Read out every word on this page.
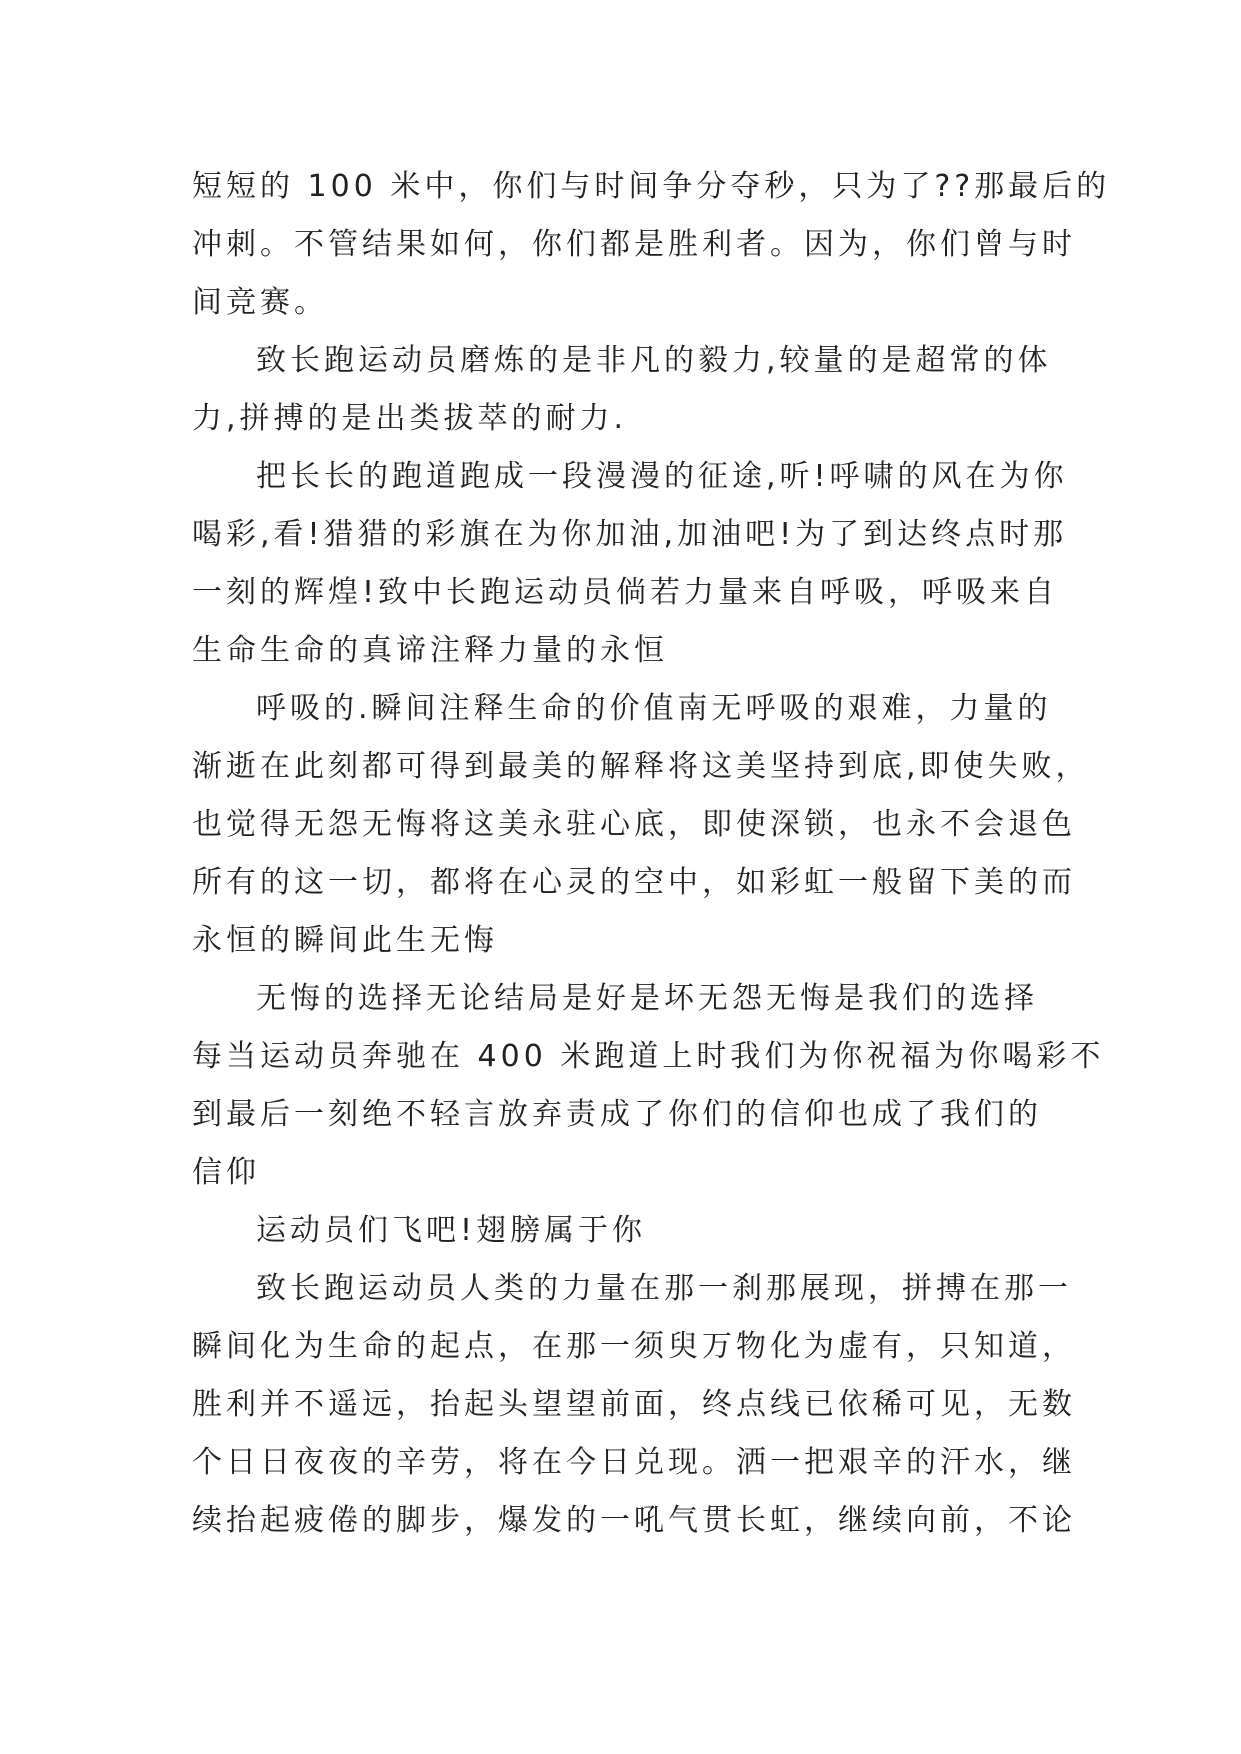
短短的 100 米中，你们与时间争分夺秒，只为了??那最后的
冲刺。不管结果如何，你们都是胜利者。因为，你们曾与时
间竞赛。
致长跑运动员磨炼的是非凡的毅力,较量的是超常的体
力,拼搏的是出类拔萃的耐力.
把长长的跑道跑成一段漫漫的征途,听!呼啸的风在为你
喝彩,看!猎猎的彩旗在为你加油,加油吧!为了到达终点时那
一刻的辉煌!致中长跑运动员倘若力量来自呼吸，呼吸来自
生命生命的真谛注释力量的永恒
呼吸的.瞬间注释生命的价值南无呼吸的艰难，力量的
渐逝在此刻都可得到最美的解释将这美坚持到底,即使失败，
也觉得无怨无悔将这美永驻心底，即使深锁，也永不会退色
所有的这一切，都将在心灵的空中，如彩虹一般留下美的而
永恒的瞬间此生无悔
无悔的选择无论结局是好是坏无怨无悔是我们的选择
每当运动员奔驰在 400 米跑道上时我们为你祝福为你喝彩不
到最后一刻绝不轻言放弃责成了你们的信仰也成了我们的
信仰
运动员们飞吧!翅膀属于你
致长跑运动员人类的力量在那一刹那展现，拼搏在那一
瞬间化为生命的起点，在那一须臾万物化为虚有，只知道，
胜利并不遥远，抬起头望望前面，终点线已依稀可见，无数
个日日夜夜的辛劳，将在今日兑现。洒一把艰辛的汗水，继
续抬起疲倦的脚步，爆发的一吼气贯长虹，继续向前，不论
